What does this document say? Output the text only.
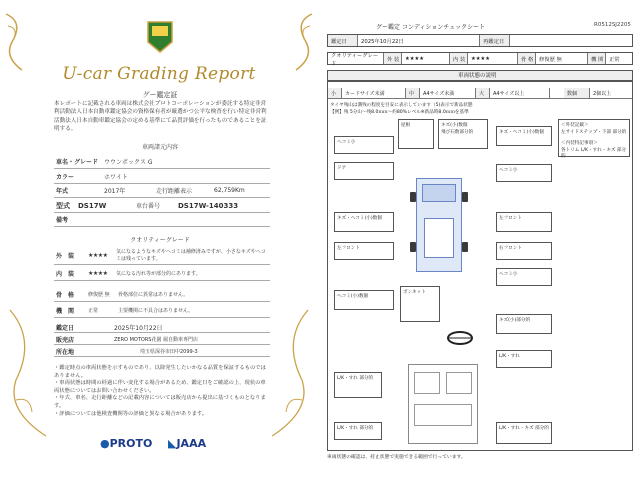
U-car Grading Report
グー鑑定証
本レポートに記載される車両は株式会社プロトコーポレーションが委託する特定非営利活動法人日本自動車鑑定協会の資格保有者が厳選かつ公平な検査を行い特定非営利活動法人日本自動車鑑定協会の定める基準にて品質評価を行ったものであることを証明する。
車両諸元内容
車名・グレード ウウンボックス G
カラー	ホワイト
年式	2017年	走行距離表示	62,759Km
型式	DS17W	車台番号	DS17W-140333
備考
クオリティーグレード
外　装	★★★★	気になるようなキズやヘコミは補修済みですが、小さなキズやヘコミは残っています。
内　装	★★★★	気になる汚れ等が部分的にあります。
骨　格	修復歴 無	骨格部位に異常はありません。
機　関	正常	主要機関に不具合はありません。
鑑定日	2025年10月22日
販売店	ZERO MOTORS花園 堀自動車専門店
所在地	埼玉県深谷市田中2099-3
・鑑定時点の車両状態を示すものであり、以降発生したいかなる品質を保証するものではありません。
・車両状態は時間の経過に伴い変化する場合があるため、鑑定日をご確認の上、現状の車両状態についてはお問い合わせください。
・年式、車名、走行距離などの記載内容については販売店から提出に基づくものとなります。
・評価については他検査機関等の評価と異なる場合があります。
●PROTO ◣JAAA
グー鑑定 コンディションチェックシート	R0512SJ2205
鑑定日	2025年10月22日	再鑑定日
クオリティーグレード
外 装	★★★★	内 装	★★★★	骨 格	修復歴 無	機 関	正常
車両状態の説明
小	カードサイズ未満	中	A4サイズ未満	大	A4サイズ以上	数個	2個以上
タイヤ残山は溝残の程度を目安に表示しています（5)表示で新品状態
【例】残 5分山～残8.0ｍｍ～約80%レベル※新品時8.0ｍｍを基準
＜外装記載＞
左サイドステップ・下部 部分的
＜内装特記事項＞
各トリム L/K・すれ・キズ 部分的
ヘコミ小
ドア
キズ・ヘコミ(小)数個
左フロント
ヘコミ(小)数個
屋根	キズ(小)数個
飛び石数部分的	キズ・ヘコミ(小)数個
ヘコミ小
左フロント
右フロント
ヘコミ小
ボンネット
キズ(小)部分的
L/K・すれ
L/K・すれ 部分的
L/K・すれ 部分的	L/K・すれ・キズ 部分的
車両状態の確認は、持止状態で実施できる範囲で行っています。
